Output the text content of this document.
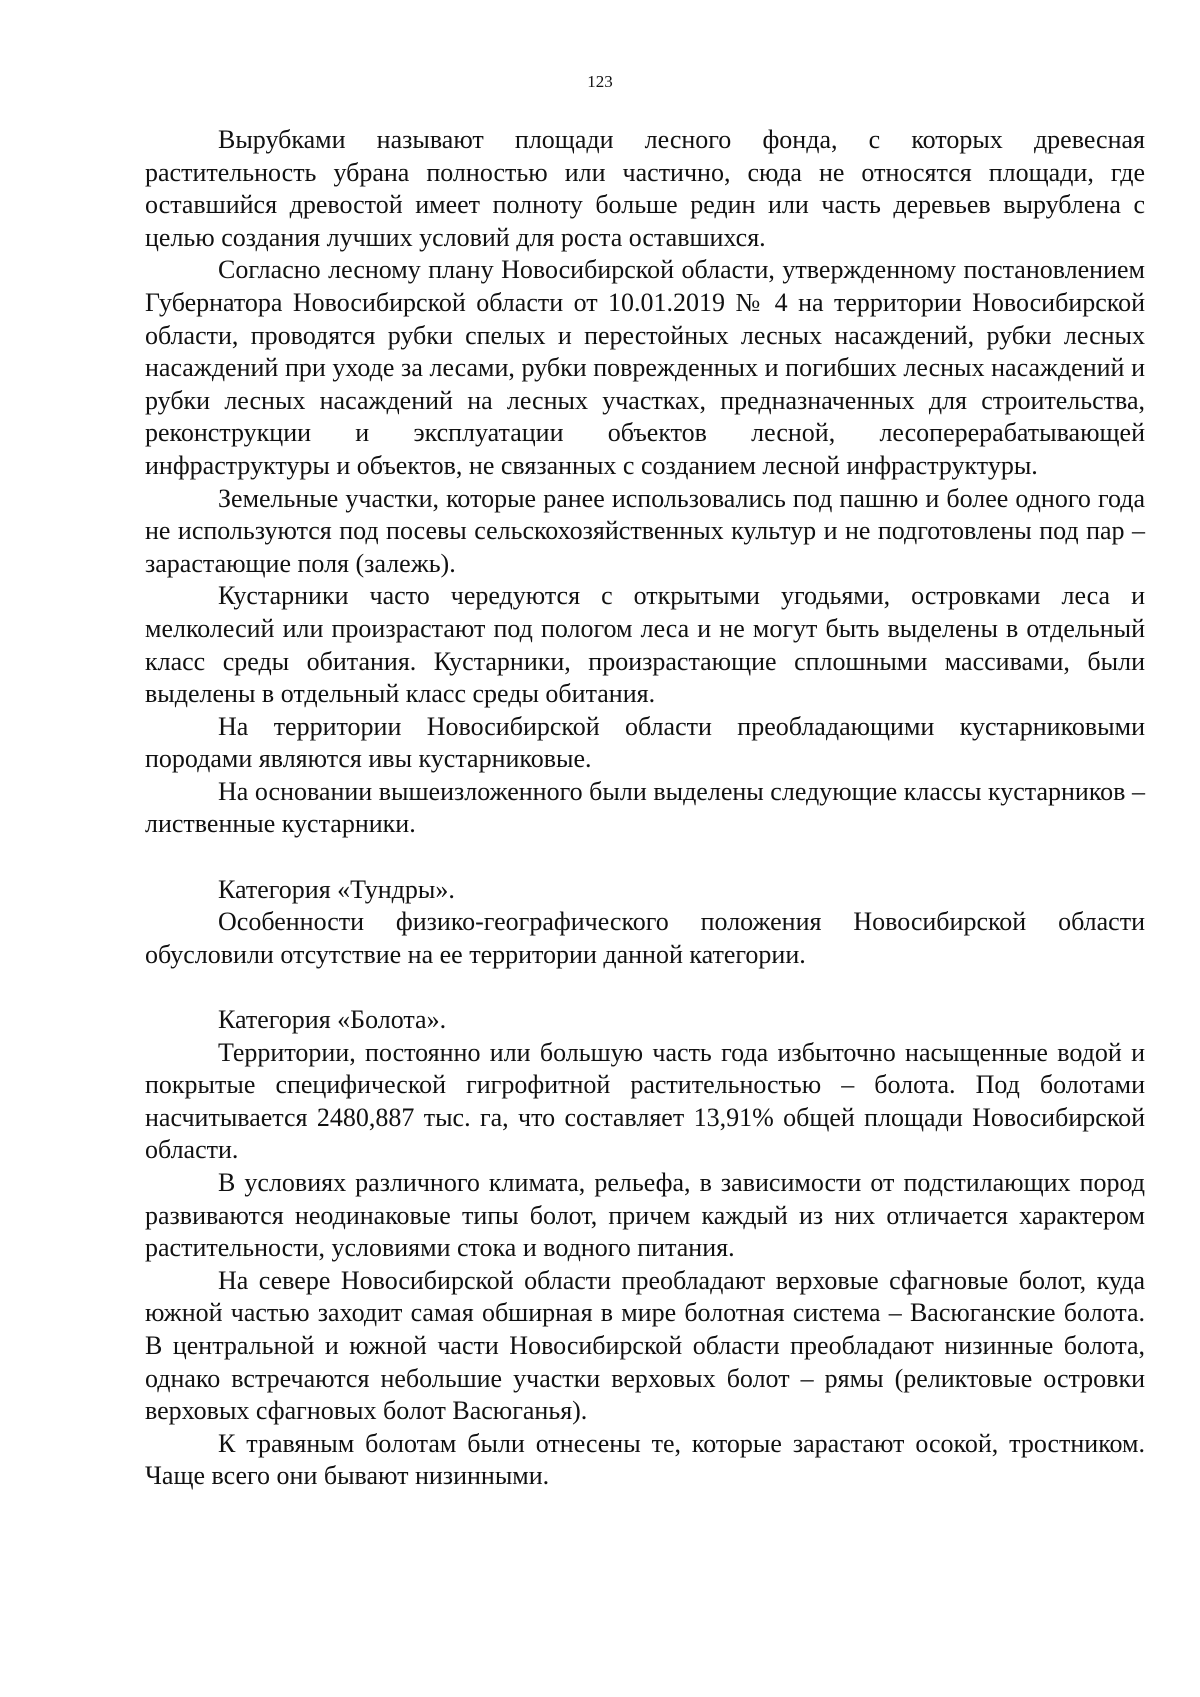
123

Вырубками называют площади лесного фонда, с которых древесная растительность убрана полностью или частично, сюда не относятся площади, где оставшийся древостой имеет полноту больше редин или часть деревьев вырублена с целью создания лучших условий для роста оставшихся.

Согласно лесному плану Новосибирской области, утвержденному постановлением Губернатора Новосибирской области от 10.01.2019 № 4 на территории Новосибирской области, проводятся рубки спелых и перестойных лесных насаждений, рубки лесных насаждений при уходе за лесами, рубки поврежденных и погибших лесных насаждений и рубки лесных насаждений на лесных участках, предназначенных для строительства, реконструкции и эксплуатации объектов лесной, лесоперерабатывающей инфраструктуры и объектов, не связанных с созданием лесной инфраструктуры.

Земельные участки, которые ранее использовались под пашню и более одного года не используются под посевы сельскохозяйственных культур и не подготовлены под пар – зарастающие поля (залежь).

Кустарники часто чередуются с открытыми угодьями, островками леса и мелколесий или произрастают под пологом леса и не могут быть выделены в отдельный класс среды обитания. Кустарники, произрастающие сплошными массивами, были выделены в отдельный класс среды обитания.

На территории Новосибирской области преобладающими кустарниковыми породами являются ивы кустарниковые.

На основании вышеизложенного были выделены следующие классы кустарников – лиственные кустарники.

Категория «Тундры».

Особенности физико-географического положения Новосибирской области обусловили отсутствие на ее территории данной категории.

Категория «Болота».

Территории, постоянно или большую часть года избыточно насыщенные водой и покрытые специфической гигрофитной растительностью – болота. Под болотами насчитывается 2480,887 тыс. га, что составляет 13,91% общей площади Новосибирской области.

В условиях различного климата, рельефа, в зависимости от подстилающих пород развиваются неодинаковые типы болот, причем каждый из них отличается характером растительности, условиями стока и водного питания.

На севере Новосибирской области преобладают верховые сфагновые болот, куда южной частью заходит самая обширная в мире болотная система – Васюганские болота. В центральной и южной части Новосибирской области преобладают низинные болота, однако встречаются небольшие участки верховых болот – рямы (реликтовые островки верховых сфагновых болот Васюганья).

К травяным болотам были отнесены те, которые зарастают осокой, тростником. Чаще всего они бывают низинными.
